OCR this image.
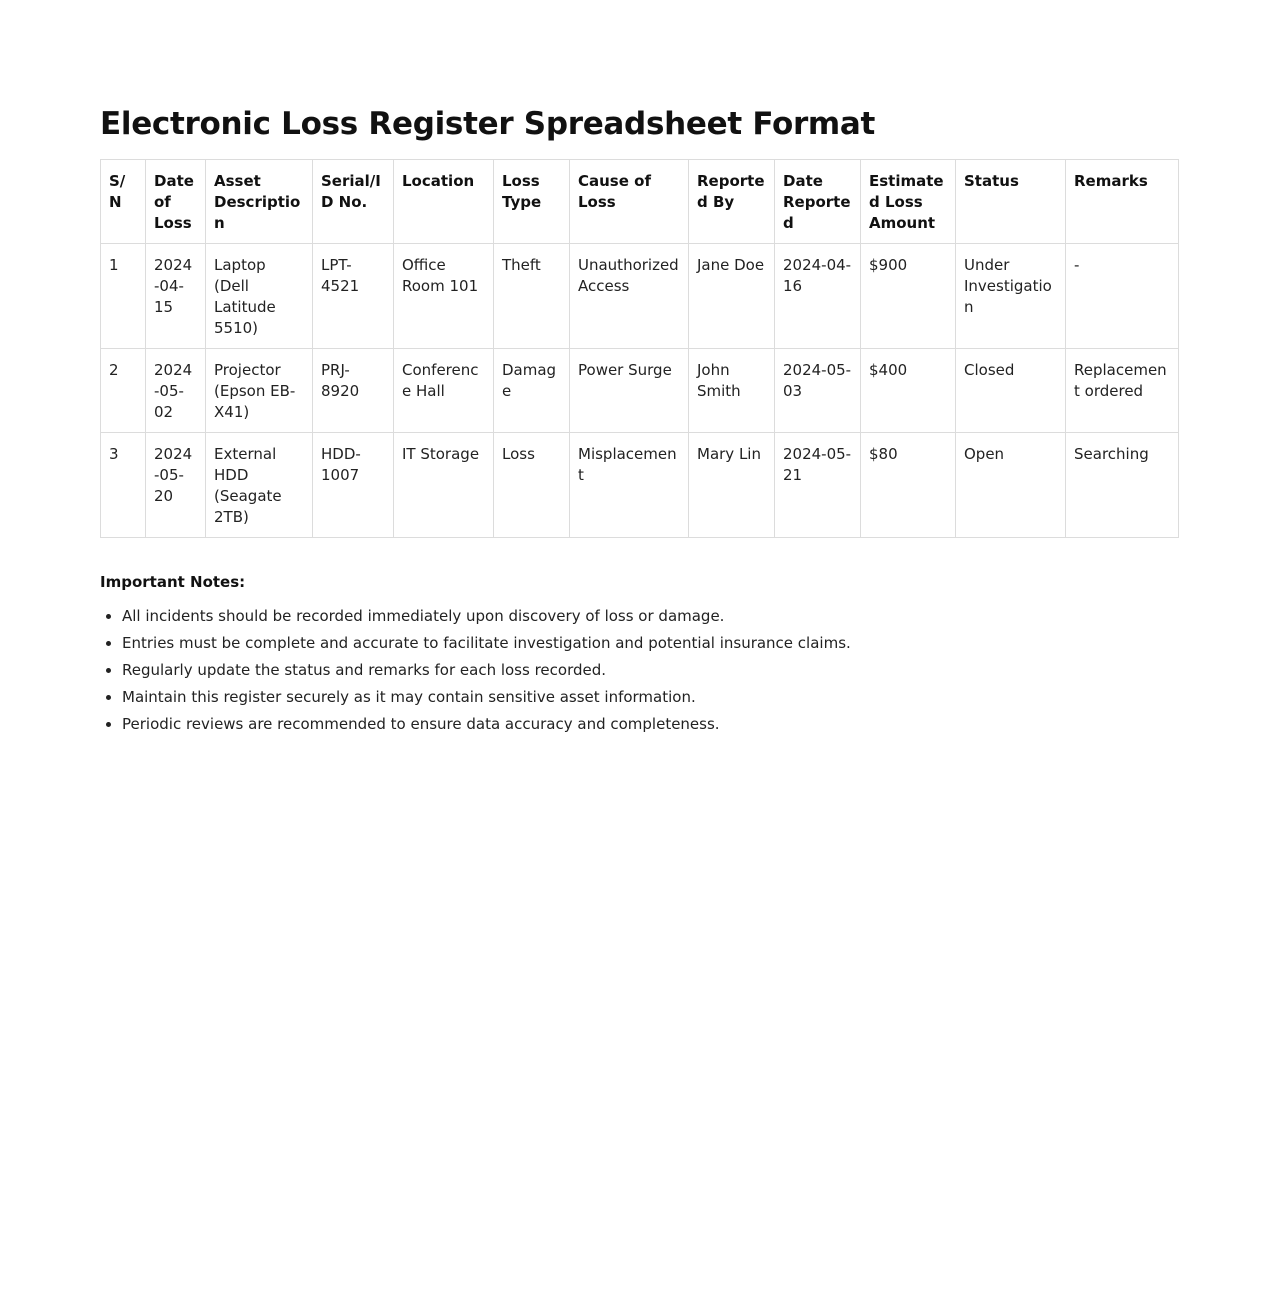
Electronic Loss Register Spreadsheet Format
S/N	Date of Loss	Asset Description	Serial/ID No.	Location	Loss Type	Cause of Loss	Reported By	Date Reported	Estimated Loss Amount	Status	Remarks
1	2024-04-15	Laptop (Dell Latitude 5510)	LPT-4521	Office Room 101	Theft	Unauthorized Access	Jane Doe	2024-04-16	$900	Under Investigation	-
2	2024-05-02	Projector (Epson EB-X41)	PRJ-8920	Conference Hall	Damage	Power Surge	John Smith	2024-05-03	$400	Closed	Replacement ordered
3	2024-05-20	External HDD (Seagate 2TB)	HDD-1007	IT Storage	Loss	Misplacement	Mary Lin	2024-05-21	$80	Open	Searching
Important Notes:
• All incidents should be recorded immediately upon discovery of loss or damage.
• Entries must be complete and accurate to facilitate investigation and potential insurance claims.
• Regularly update the status and remarks for each loss recorded.
• Maintain this register securely as it may contain sensitive asset information.
• Periodic reviews are recommended to ensure data accuracy and completeness.
